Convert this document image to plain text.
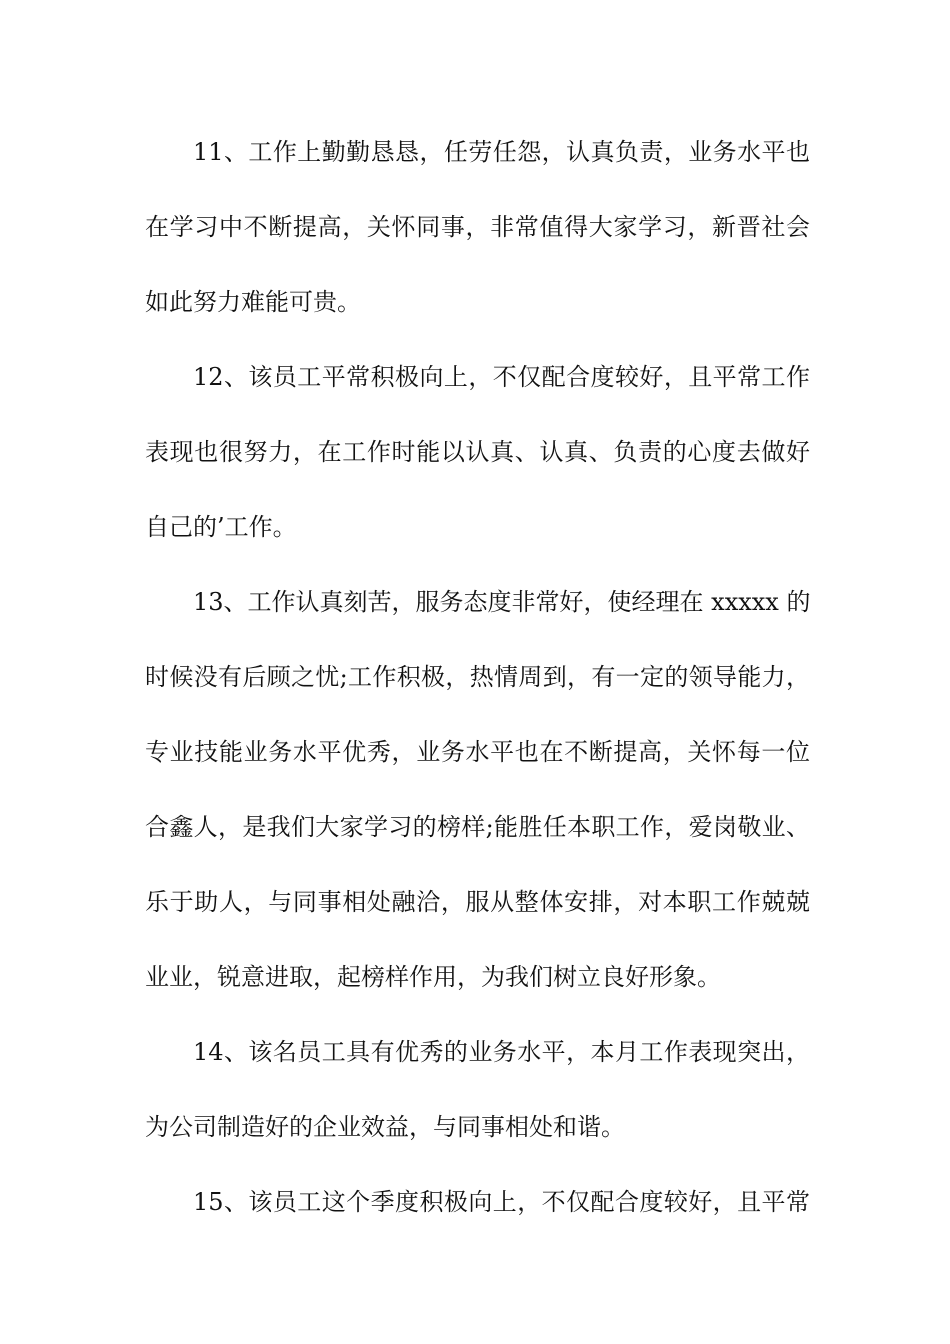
11、工作上勤勤恳恳，任劳任怨，认真负责，业务水平也
在学习中不断提高，关怀同事，非常值得大家学习，新晋社会
如此努力难能可贵。
12、该员工平常积极向上，不仅配合度较好，且平常工作
表现也很努力，在工作时能以认真、认真、负责的心度去做好
自己的’工作。
13、工作认真刻苦，服务态度非常好，使经理在 xxxxx 的
时候没有后顾之忧;工作积极，热情周到，有一定的领导能力，
专业技能业务水平优秀，业务水平也在不断提高，关怀每一位
合鑫人，是我们大家学习的榜样;能胜任本职工作，爱岗敬业、
乐于助人，与同事相处融洽，服从整体安排，对本职工作兢兢
业业，锐意进取，起榜样作用，为我们树立良好形象。
14、该名员工具有优秀的业务水平，本月工作表现突出，
为公司制造好的企业效益，与同事相处和谐。
15、该员工这个季度积极向上，不仅配合度较好，且平常
